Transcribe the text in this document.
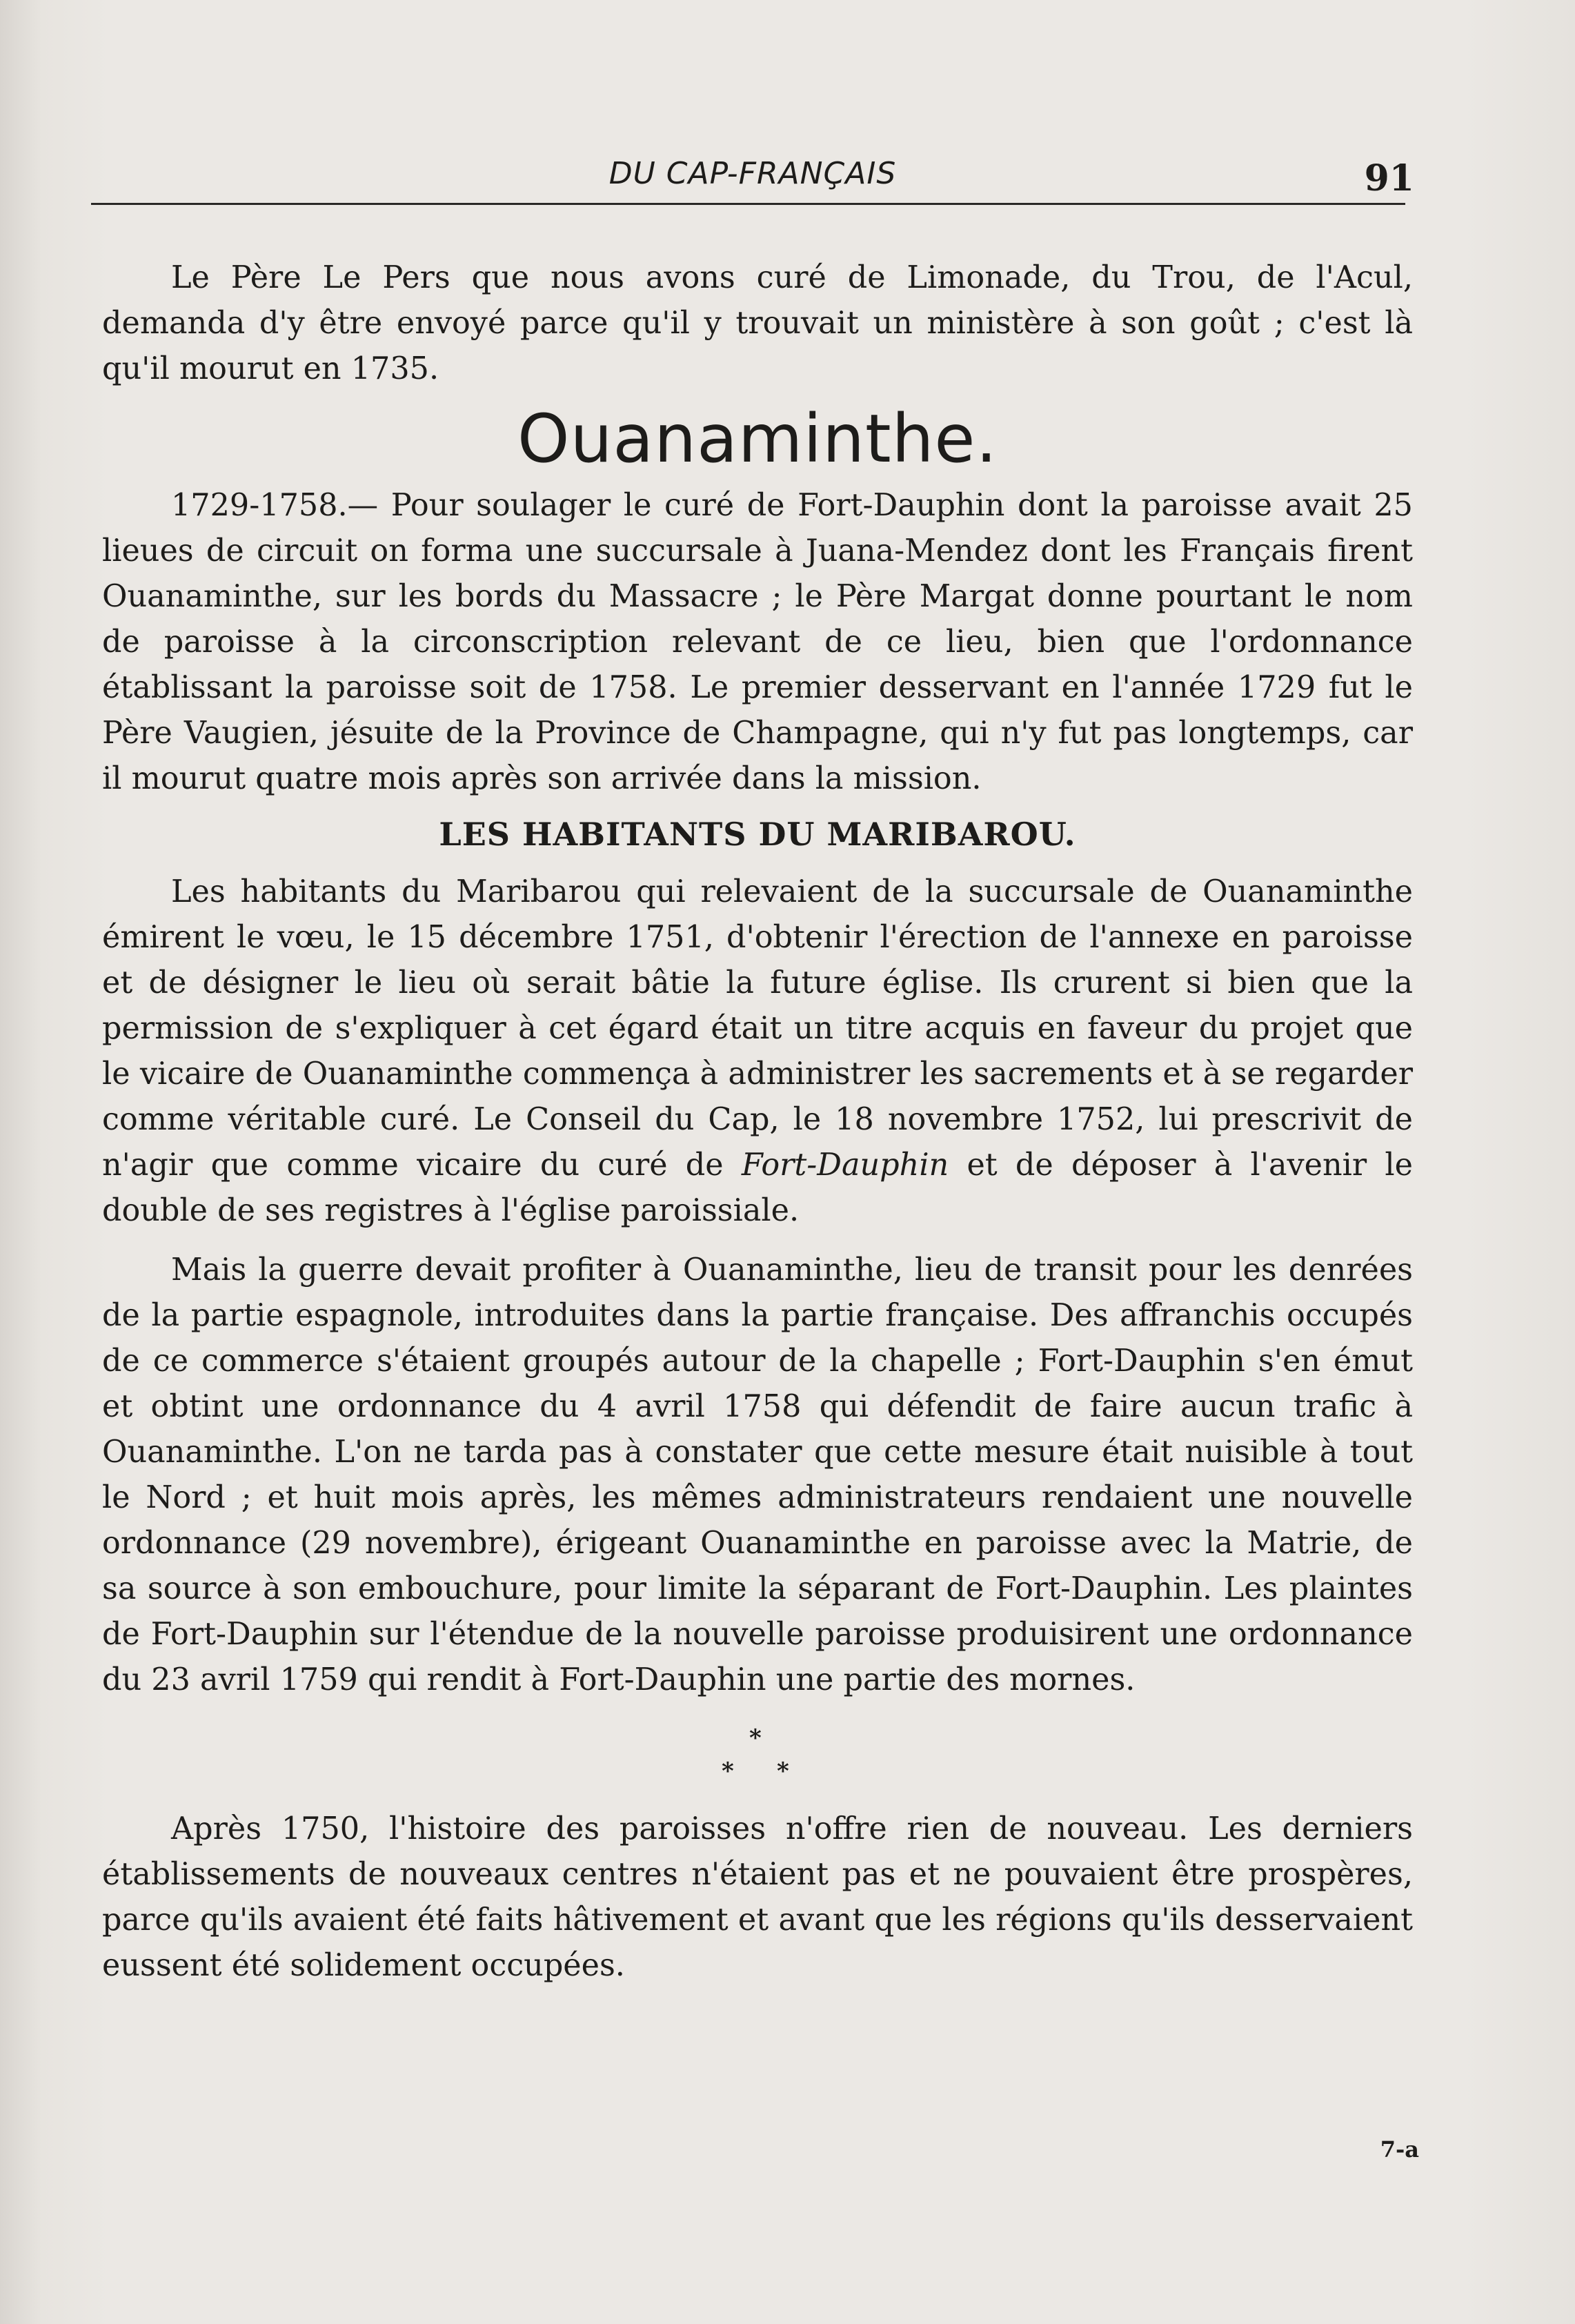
DU CAP-FRANÇAIS	91

Le Père Le Pers que nous avons curé de Limonade, du Trou, de l'Acul, demanda d'y être envoyé parce qu'il y trouvait un ministère à son goût ; c'est là qu'il mourut en 1735.

Ouanaminthe.

1729-1758.— Pour soulager le curé de Fort-Dauphin dont la paroisse avait 25 lieues de circuit on forma une succursale à Juana-Mendez dont les Français firent Ouanaminthe, sur les bords du Massacre ; le Père Margat donne pourtant le nom de paroisse à la circonscription relevant de ce lieu, bien que l'ordonnance établissant la paroisse soit de 1758. Le premier desservant en l'année 1729 fut le Père Vaugien, jésuite de la Province de Champagne, qui n'y fut pas longtemps, car il mourut quatre mois après son arrivée dans la mission.

LES HABITANTS DU MARIBAROU.

Les habitants du Maribarou qui relevaient de la succursale de Ouanaminthe émirent le vœu, le 15 décembre 1751, d'obtenir l'érection de l'annexe en paroisse et de désigner le lieu où serait bâtie la future église. Ils crurent si bien que la permission de s'expliquer à cet égard était un titre acquis en faveur du projet que le vicaire de Ouanaminthe commença à administrer les sacrements et à se regarder comme véritable curé. Le Conseil du Cap, le 18 novembre 1752, lui prescrivit de n'agir que comme vicaire du curé de Fort-Dauphin et de déposer à l'avenir le double de ses registres à l'église paroissiale.

Mais la guerre devait profiter à Ouanaminthe, lieu de transit pour les denrées de la partie espagnole, introduites dans la partie française. Des affranchis occupés de ce commerce s'étaient groupés autour de la chapelle ; Fort-Dauphin s'en émut et obtint une ordonnance du 4 avril 1758 qui défendit de faire aucun trafic à Ouanaminthe. L'on ne tarda pas à constater que cette mesure était nuisible à tout le Nord ; et huit mois après, les mêmes administrateurs rendaient une nouvelle ordonnance (29 novembre), érigeant Ouanaminthe en paroisse avec la Matrie, de sa source à son embouchure, pour limite la séparant de Fort-Dauphin. Les plaintes de Fort-Dauphin sur l'étendue de la nouvelle paroisse produisirent une ordonnance du 23 avril 1759 qui rendit à Fort-Dauphin une partie des mornes.

*
* *

Après 1750, l'histoire des paroisses n'offre rien de nouveau. Les derniers établissements de nouveaux centres n'étaient pas et ne pouvaient être prospères, parce qu'ils avaient été faits hâtivement et avant que les régions qu'ils desservaient eussent été solidement occupées.

7-a
